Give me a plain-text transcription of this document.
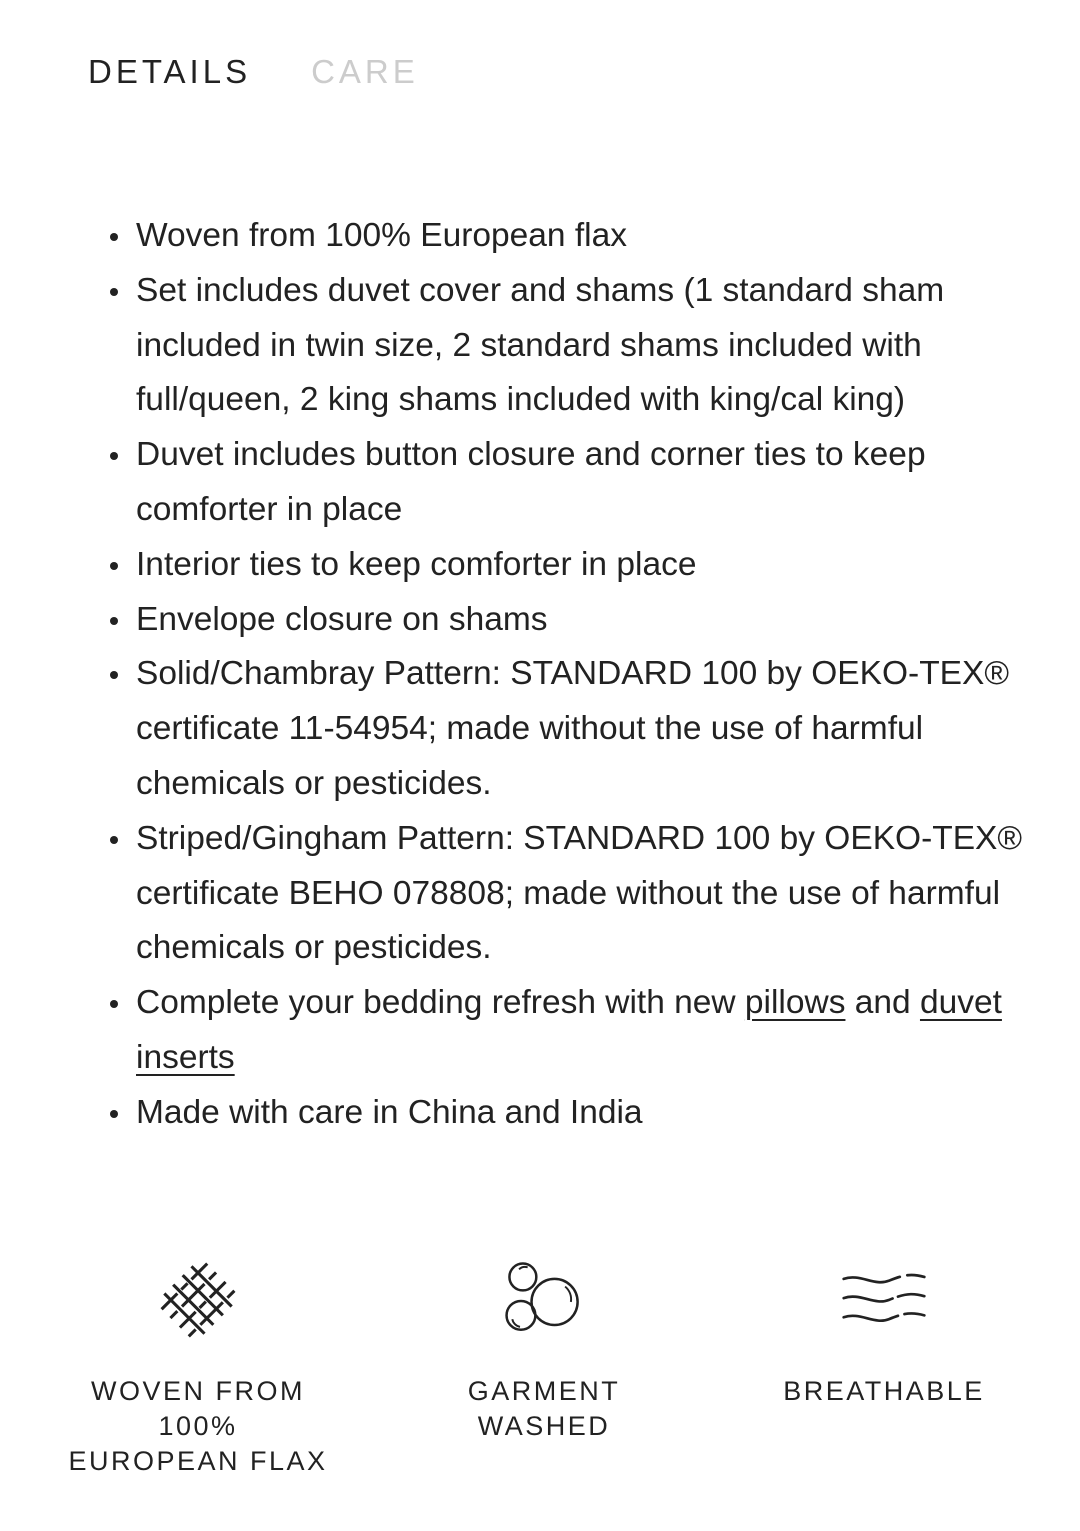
DETAILS CARE
Woven from 100% European flax
Set includes duvet cover and shams (1 standard sham included in twin size, 2 standard shams included with full/queen, 2 king shams included with king/cal king)
Duvet includes button closure and corner ties to keep comforter in place
Interior ties to keep comforter in place
Envelope closure on shams
Solid/Chambray Pattern: STANDARD 100 by OEKO-TEX® certificate 11-54954; made without the use of harmful chemicals or pesticides.
Striped/Gingham Pattern: STANDARD 100 by OEKO-TEX® certificate BEHO 078808; made without the use of harmful chemicals or pesticides.
Complete your bedding refresh with new pillows and duvet inserts
Made with care in China and India
WOVEN FROM 100% EUROPEAN FLAX
GARMENT WASHED
BREATHABLE
